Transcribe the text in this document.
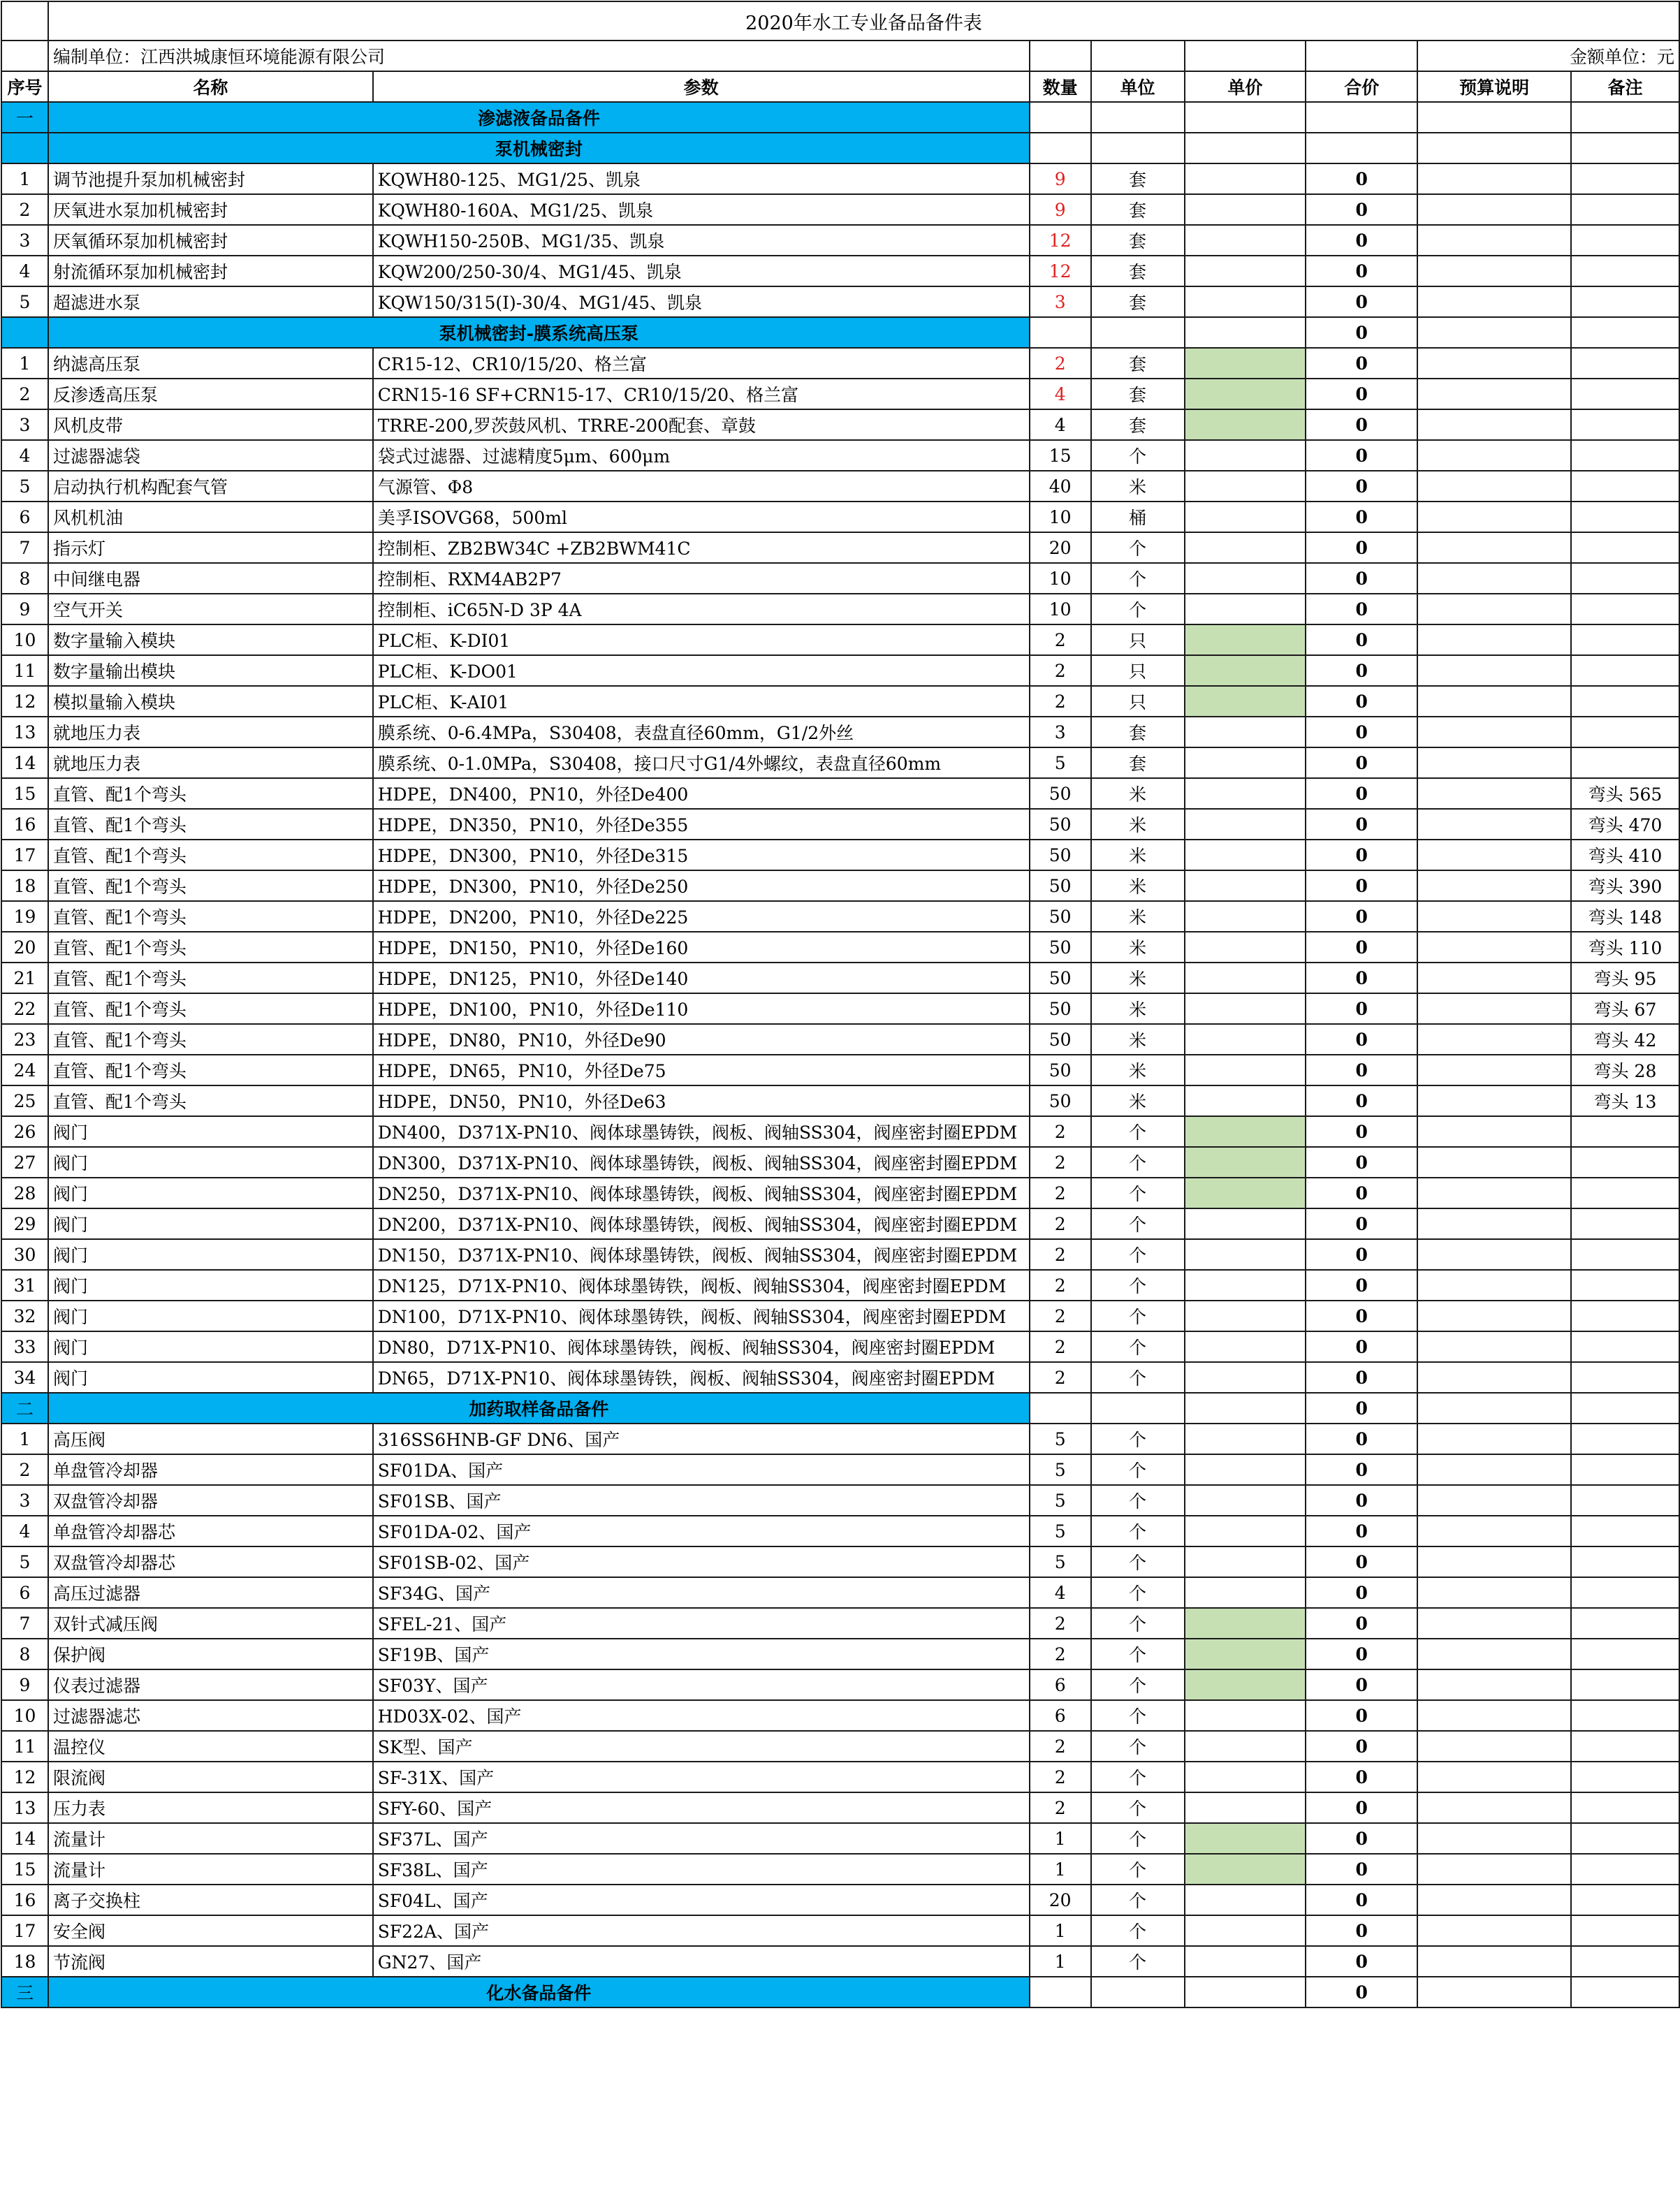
	2020年水工专业备品备件表							
	编制单位：江西洪城康恒环境能源有限公司						金额单位：元	
序号	名称	参数	数量	单位	单价	合价	预算说明	备注
一	渗滤液备品备件							
	泵机械密封							
1	调节池提升泵加机械密封	KQWH80-125、MG1/25、凯泉	9	套		0		
2	厌氧进水泵加机械密封	KQWH80-160A、MG1/25、凯泉	9	套		0		
3	厌氧循环泵加机械密封	KQWH150-250B、MG1/35、凯泉	12	套		0		
4	射流循环泵加机械密封	KQW200/250-30/4、MG1/45、凯泉	12	套		0		
5	超滤进水泵	KQW150/315(I)-30/4、MG1/45、凯泉	3	套		0		
	泵机械密封-膜系统高压泵					0		
1	纳滤高压泵	CR15-12、CR10/15/20、格兰富	2	套		0		
2	反渗透高压泵	CRN15-16 SF+CRN15-17、CR10/15/20、格兰富	4	套		0		
3	风机皮带	TRRE-200,罗茨鼓风机、TRRE-200配套、章鼓	4	套		0		
4	过滤器滤袋	袋式过滤器、过滤精度5μm、600μm	15	个		0		
5	启动执行机构配套气管	气源管、Φ8	40	米		0		
6	风机机油	美孚ISOVG68，500ml	10	桶		0		
7	指示灯	控制柜、ZB2BW34C +ZB2BWM41C	20	个		0		
8	中间继电器	控制柜、RXM4AB2P7	10	个		0		
9	空气开关	控制柜、iC65N-D 3P 4A	10	个		0		
10	数字量输入模块	PLC柜、K-DI01	2	只		0		
11	数字量输出模块	PLC柜、K-DO01	2	只		0		
12	模拟量输入模块	PLC柜、K-AI01	2	只		0		
13	就地压力表	膜系统、0-6.4MPa，S30408，表盘直径60mm，G1/2外丝	3	套		0		
14	就地压力表	膜系统、0-1.0MPa，S30408，接口尺寸G1/4外螺纹，表盘直径60mm	5	套		0		
15	直管、配1个弯头	HDPE，DN400，PN10，外径De400	50	米		0		弯头 565
16	直管、配1个弯头	HDPE，DN350，PN10，外径De355	50	米		0		弯头 470
17	直管、配1个弯头	HDPE，DN300，PN10，外径De315	50	米		0		弯头 410
18	直管、配1个弯头	HDPE，DN300，PN10，外径De250	50	米		0		弯头 390
19	直管、配1个弯头	HDPE，DN200，PN10，外径De225	50	米		0		弯头 148
20	直管、配1个弯头	HDPE，DN150，PN10，外径De160	50	米		0		弯头 110
21	直管、配1个弯头	HDPE，DN125，PN10，外径De140	50	米		0		弯头 95
22	直管、配1个弯头	HDPE，DN100，PN10，外径De110	50	米		0		弯头 67
23	直管、配1个弯头	HDPE，DN80，PN10，外径De90	50	米		0		弯头 42
24	直管、配1个弯头	HDPE，DN65，PN10，外径De75	50	米		0		弯头 28
25	直管、配1个弯头	HDPE，DN50，PN10，外径De63	50	米		0		弯头 13
26	阀门	DN400，D371X-PN10、阀体球墨铸铁，阀板、阀轴SS304，阀座密封圈EPDM	2	个		0		
27	阀门	DN300，D371X-PN10、阀体球墨铸铁，阀板、阀轴SS304，阀座密封圈EPDM	2	个		0		
28	阀门	DN250，D371X-PN10、阀体球墨铸铁，阀板、阀轴SS304，阀座密封圈EPDM	2	个		0		
29	阀门	DN200，D371X-PN10、阀体球墨铸铁，阀板、阀轴SS304，阀座密封圈EPDM	2	个		0		
30	阀门	DN150，D371X-PN10、阀体球墨铸铁，阀板、阀轴SS304，阀座密封圈EPDM	2	个		0		
31	阀门	DN125，D71X-PN10、阀体球墨铸铁，阀板、阀轴SS304，阀座密封圈EPDM	2	个		0		
32	阀门	DN100，D71X-PN10、阀体球墨铸铁，阀板、阀轴SS304，阀座密封圈EPDM	2	个		0		
33	阀门	DN80，D71X-PN10、阀体球墨铸铁，阀板、阀轴SS304，阀座密封圈EPDM	2	个		0		
34	阀门	DN65，D71X-PN10、阀体球墨铸铁，阀板、阀轴SS304，阀座密封圈EPDM	2	个		0		
二	加药取样备品备件					0		
1	高压阀	316SS6HNB-GF DN6、国产	5	个		0		
2	单盘管冷却器	SF01DA、国产	5	个		0		
3	双盘管冷却器	SF01SB、国产	5	个		0		
4	单盘管冷却器芯	SF01DA-02、国产	5	个		0		
5	双盘管冷却器芯	SF01SB-02、国产	5	个		0		
6	高压过滤器	SF34G、国产	4	个		0		
7	双针式减压阀	SFEL-21、国产	2	个		0		
8	保护阀	SF19B、国产	2	个		0		
9	仪表过滤器	SF03Y、国产	6	个		0		
10	过滤器滤芯	HD03X-02、国产	6	个		0		
11	温控仪	SK型、国产	2	个		0		
12	限流阀	SF-31X、国产	2	个		0		
13	压力表	SFY-60、国产	2	个		0		
14	流量计	SF37L、国产	1	个		0		
15	流量计	SF38L、国产	1	个		0		
16	离子交换柱	SF04L、国产	20	个		0		
17	安全阀	SF22A、国产	1	个		0		
18	节流阀	GN27、国产	1	个		0		
三	化水备品备件					0		
